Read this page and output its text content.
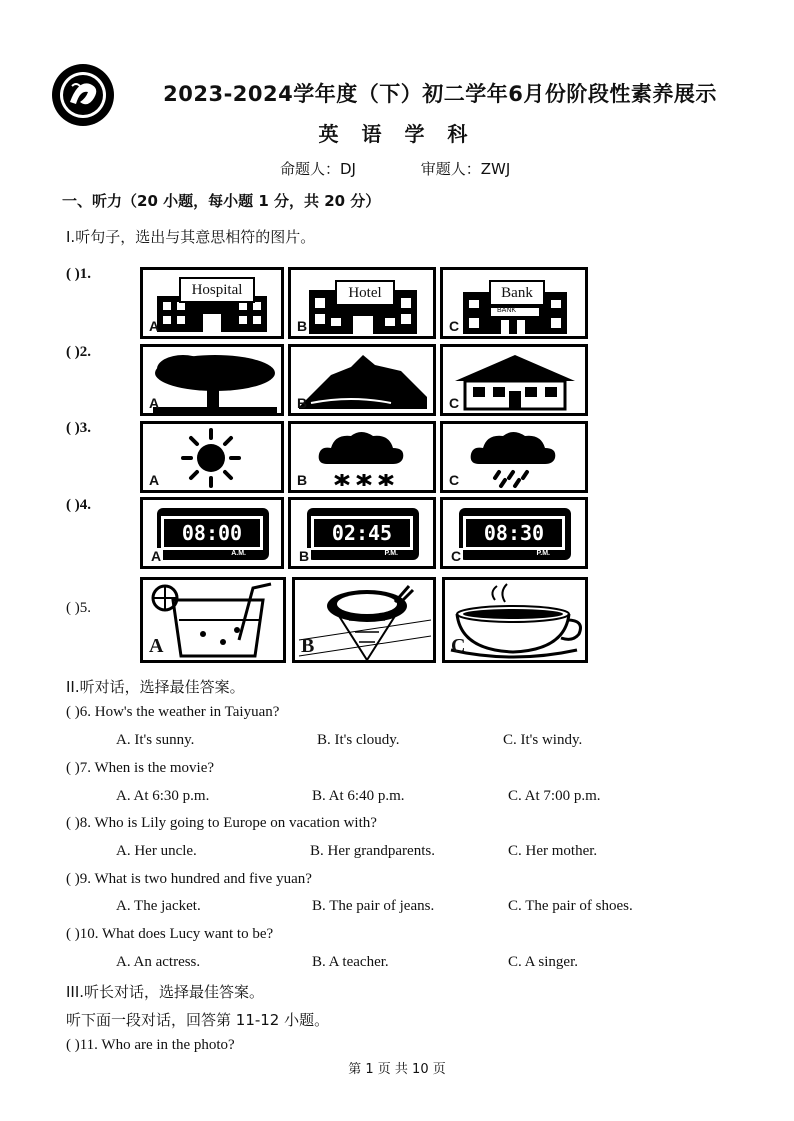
2023-2024学年度（下）初二学年6月份阶段性素养展示
英 语 学 科
命题人：DJ	审题人：ZWJ
一、听力（20 小题，每小题 1 分，共 20 分）
I.听句子，选出与其意思相符的图片。
( )1.
Hospital
A
Hotel
B
BANK
Bank
C
( )2.
A	B	C
( )3.
A	B	C
( )4.
08:00
A.M.
A
02:45
P.M.
B
08:30
P.M.
C
( )5.
A	B	C
II.听对话，选择最佳答案。
( )6. How's the weather in Taiyuan?
A. It's sunny.	B. It's cloudy.	C. It's windy.
( )7. When is the movie?
A. At 6:30 p.m.	B. At 6:40 p.m.	C. At 7:00 p.m.
( )8. Who is Lily going to Europe on vacation with?
A. Her uncle.	B. Her grandparents.	C. Her mother.
( )9. What is two hundred and five yuan?
A. The jacket.	B. The pair of jeans.	C. The pair of shoes.
( )10. What does Lucy want to be?
A. An actress.	B. A teacher.	C. A singer.
III.听长对话，选择最佳答案。
听下面一段对话，回答第 11-12 小题。
( )11. Who are in the photo?
第 1 页 共 10 页
